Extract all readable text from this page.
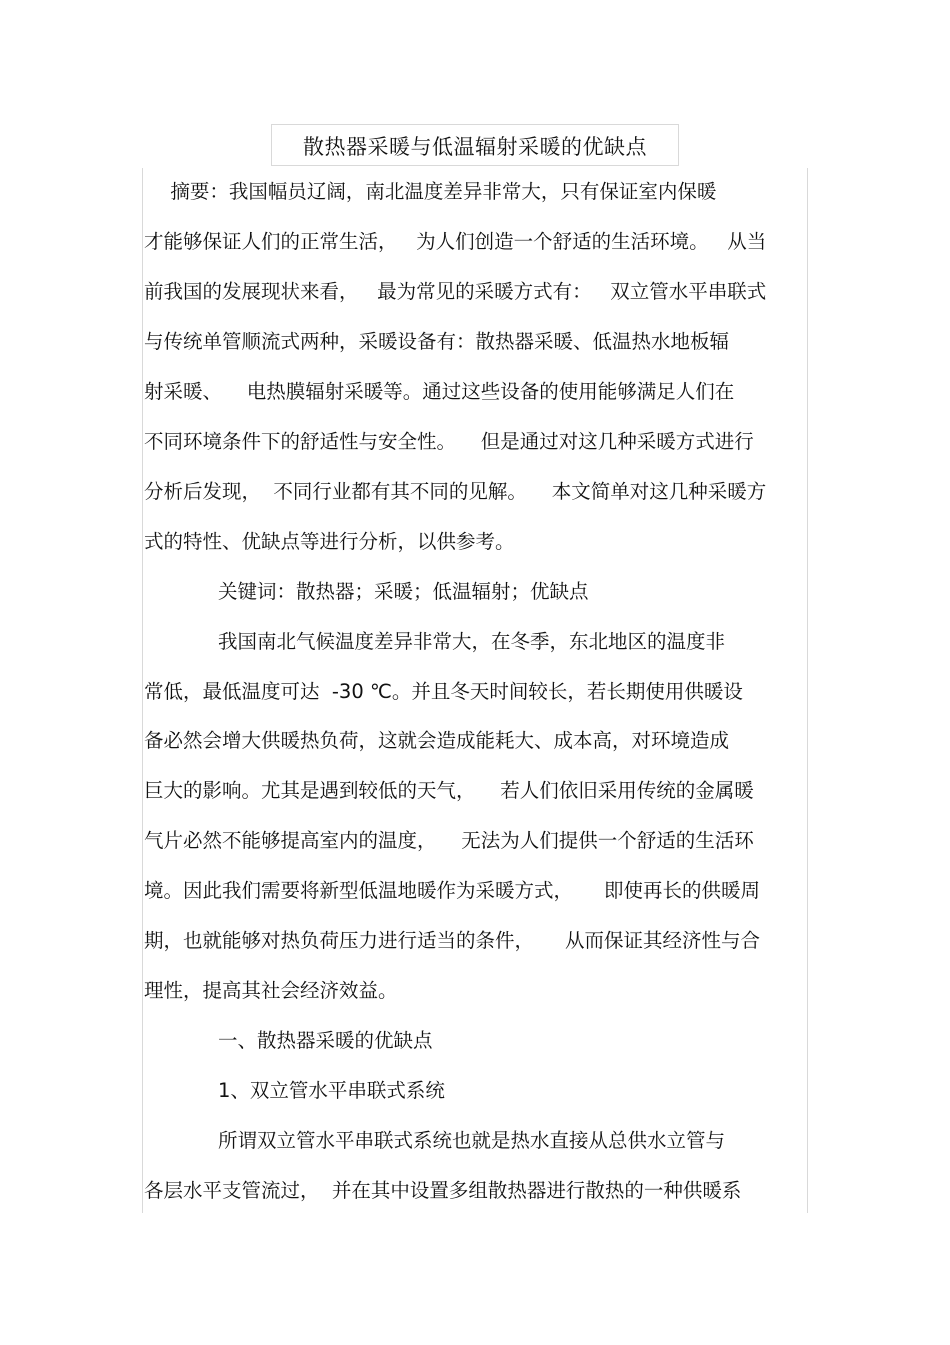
散热器采暖与低温辐射采暖的优缺点
摘要：我国幅员辽阔，南北温度差异非常大，只有保证室内保暖
才能够保证人们的正常生活，   为人们创造一个舒适的生活环境。   从当
前我国的发展现状来看，   最为常见的采暖方式有：   双立管水平串联式
与传统单管顺流式两种，采暖设备有：散热器采暖、低温热水地板辐
射采暖、    电热膜辐射采暖等。通过这些设备的使用能够满足人们在
不同环境条件下的舒适性与安全性。    但是通过对这几种采暖方式进行
分析后发现，  不同行业都有其不同的见解。    本文简单对这几种采暖方
式的特性、优缺点等进行分析，以供参考。
关键词：散热器；采暖；低温辐射；优缺点
我国南北气候温度差异非常大，在冬季，东北地区的温度非
常低，最低温度可达  -30 ℃。并且冬天时间较长，若长期使用供暖设
备必然会增大供暖热负荷，这就会造成能耗大、成本高，对环境造成
巨大的影响。尤其是遇到较低的天气，    若人们依旧采用传统的金属暖
气片必然不能够提高室内的温度，    无法为人们提供一个舒适的生活环
境。因此我们需要将新型低温地暖作为采暖方式，     即使再长的供暖周
期，也就能够对热负荷压力进行适当的条件，     从而保证其经济性与合
理性，提高其社会经济效益。
一、散热器采暖的优缺点
1、双立管水平串联式系统
所谓双立管水平串联式系统也就是热水直接从总供水立管与
各层水平支管流过，  并在其中设置多组散热器进行散热的一种供暖系
